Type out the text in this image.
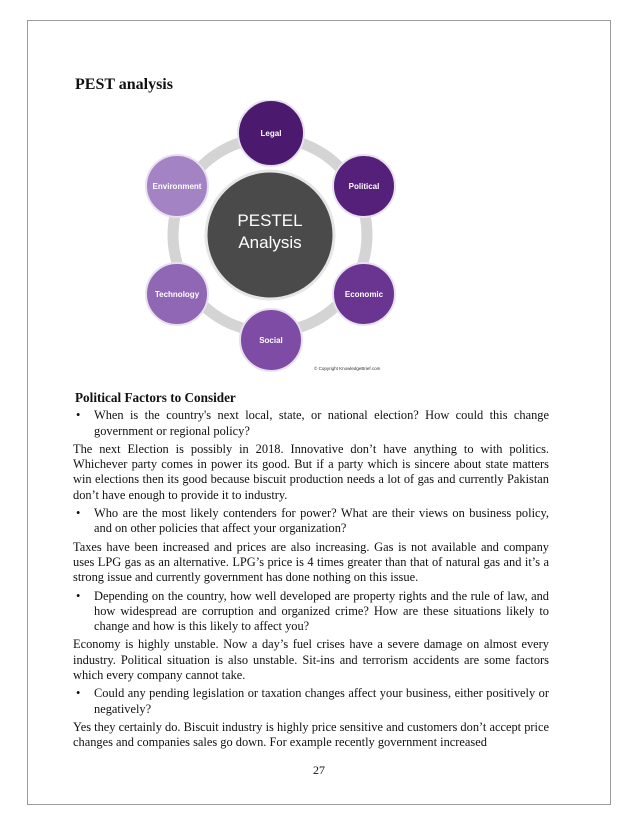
PEST analysis
PESTEL
Analysis
Legal
Political
Economic
Social
Technology
Environment
© Copyright KnowledgeBrief.com
Political Factors to Consider
•	When is the country's next local, state, or national election? How could this change government or regional policy?
The next Election is possibly in 2018. Innovative don’t have anything to with politics. Whichever party comes in power its good. But if a party which is sincere about state matters win elections then its good because biscuit production needs a lot of gas and currently Pakistan don’t have enough to provide it to industry.
•	Who are the most likely contenders for power? What are their views on business policy, and on other policies that affect your organization?
Taxes have been increased and prices are also increasing. Gas is not available and company uses LPG gas as an alternative. LPG’s price is 4 times greater than that of natural gas and it’s a strong issue and currently government has done nothing on this issue.
•	Depending on the country, how well developed are property rights and the rule of law, and how widespread are corruption and organized crime? How are these situations likely to change and how is this likely to affect you?
Economy is highly unstable. Now a day’s fuel crises have a severe damage on almost every industry. Political situation is also unstable. Sit-ins and terrorism accidents are some factors which every company cannot take.
•	Could any pending legislation or taxation changes affect your business, either positively or negatively?
Yes they certainly do. Biscuit industry is highly price sensitive and customers don’t accept price changes and companies sales go down. For example recently government increased
27
